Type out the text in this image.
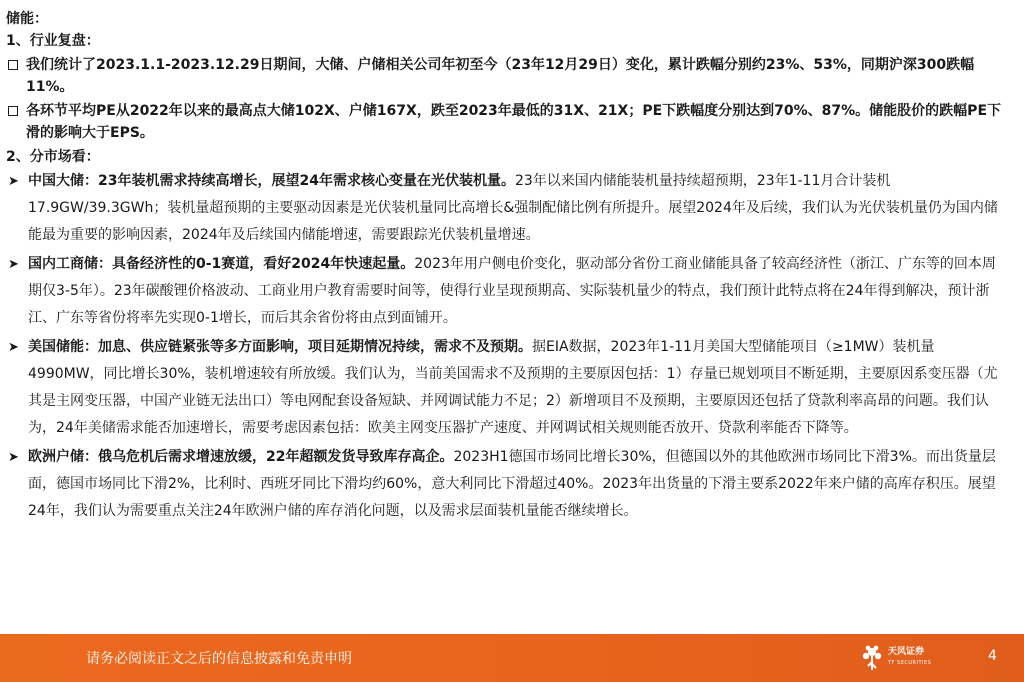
储能：
1、行业复盘：
我们统计了2023.1.1-2023.12.29日期间，大储、户储相关公司年初至今（23年12月29日）变化，累计跌幅分别约23%、53%，同期沪深300跌幅11%。
各环节平均PE从2022年以来的最高点大储102X、户储167X，跌至2023年最低的31X、21X；PE下跌幅度分别达到70%、87%。储能股价的跌幅PE下滑的影响大于EPS。
2、分市场看：
➤ 中国大储：23年装机需求持续高增长，展望24年需求核心变量在光伏装机量。23年以来国内储能装机量持续超预期，23年1-11月合计装机17.9GW/39.3GWh；装机量超预期的主要驱动因素是光伏装机量同比高增长&强制配储比例有所提升。展望2024年及后续，我们认为光伏装机量仍为国内储能最为重要的影响因素，2024年及后续国内储能增速，需要跟踪光伏装机量增速。
➤ 国内工商储：具备经济性的0-1赛道，看好2024年快速起量。2023年用户侧电价变化，驱动部分省份工商业储能具备了较高经济性（浙江、广东等的回本周期仅3-5年）。23年碳酸锂价格波动、工商业用户教育需要时间等，使得行业呈现预期高、实际装机量少的特点，我们预计此特点将在24年得到解决，预计浙江、广东等省份将率先实现0-1增长，而后其余省份将由点到面铺开。
➤ 美国储能：加息、供应链紧张等多方面影响，项目延期情况持续，需求不及预期。据EIA数据，2023年1-11月美国大型储能项目（≥1MW）装机量4990MW，同比增长30%，装机增速较有所放缓。我们认为，当前美国需求不及预期的主要原因包括：1）存量已规划项目不断延期，主要原因系变压器（尤其是主网变压器，中国产业链无法出口）等电网配套设备短缺、并网调试能力不足；2）新增项目不及预期，主要原因还包括了贷款利率高昂的问题。我们认为，24年美储需求能否加速增长，需要考虑因素包括：欧美主网变压器扩产速度、并网调试相关规则能否放开、贷款利率能否下降等。
➤ 欧洲户储：俄乌危机后需求增速放缓，22年超额发货导致库存高企。2023H1德国市场同比增长30%，但德国以外的其他欧洲市场同比下滑3%。而出货量层面，德国市场同比下滑2%，比利时、西班牙同比下滑均约60%，意大利同比下滑超过40%。2023年出货量的下滑主要系2022年来户储的高库存积压。展望24年，我们认为需要重点关注24年欧洲户储的库存消化问题，以及需求层面装机量能否继续增长。
请务必阅读正文之后的信息披露和免责申明	天风证券
TF SECURITIES	4
